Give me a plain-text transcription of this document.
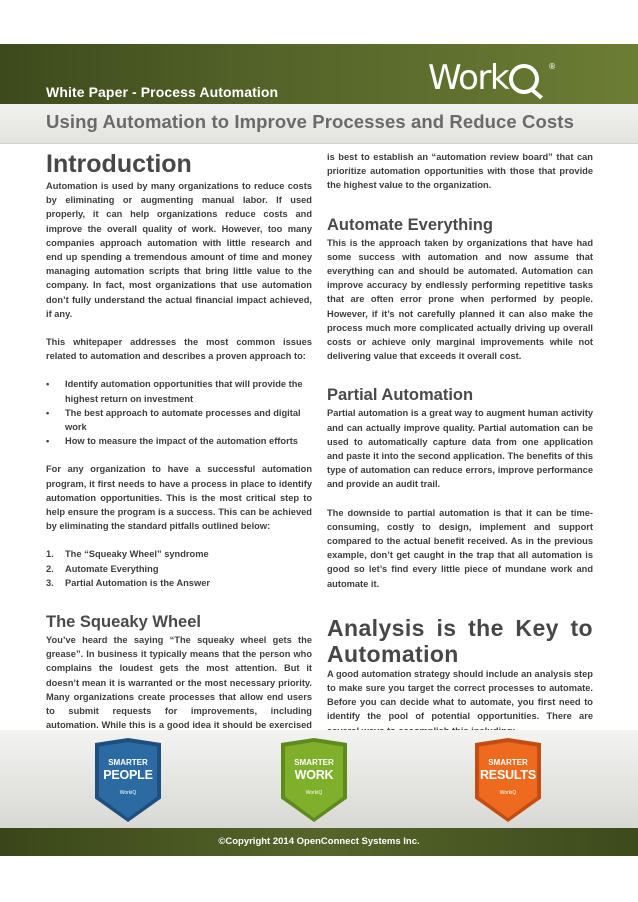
White Paper - Process Automation	Work	®
Using Automation to Improve Processes and Reduce Costs
Introduction

Automation is used by many organizations to reduce costs by eliminating or augmenting manual labor. If used properly, it can help organizations reduce costs and improve the overall quality of work. However, too many companies approach automation with little research and end up spending a tremendous amount of time and money managing automation scripts that bring little value to the company. In fact, most organizations that use automation don’t fully understand the actual financial impact achieved, if any.

This whitepaper addresses the most common issues related to automation and describes a proven approach to:

•	Identify automation opportunities that will provide the highest return on investment
•	The best approach to automate processes and digital work
•	How to measure the impact of the automation efforts

For any organization to have a successful automation program, it first needs to have a process in place to identify automation opportunities. This is the most critical step to help ensure the program is a success. This can be achieved by eliminating the standard pitfalls outlined below:

1.	The “Squeaky Wheel” syndrome
2.	Automate Everything
3.	Partial Automation is the Answer
The Squeaky Wheel

You’ve heard the saying “The squeaky wheel gets the grease”. In business it typically means that the person who complains the loudest gets the most attention. But it doesn’t mean it is warranted or the most necessary priority. Many organizations create processes that allow end users to submit requests for improvements, including automation. While this is a good idea it should be exercised

is best to establish an “automation review board” that can prioritize automation opportunities with those that provide the highest value to the organization.

Automate Everything

This is the approach taken by organizations that have had some success with automation and now assume that everything can and should be automated. Automation can improve accuracy by endlessly performing repetitive tasks that are often error prone when performed by people. However, if it’s not carefully planned it can also make the process much more complicated actually driving up overall costs or achieve only marginal improvements while not delivering value that exceeds it overall cost.

Partial Automation

Partial automation is a great way to augment human activity and can actually improve quality. Partial automation can be used to automatically capture data from one application and paste it into the second application. The benefits of this type of automation can reduce errors, improve performance and provide an audit trail.

The downside to partial automation is that it can be time-consuming, costly to design, implement and support compared to the actual benefit received. As in the previous example, don’t get caught in the trap that all automation is good so let’s find every little piece of mundane work and automate it.

Analysis is the Key to Automation

A good automation strategy should include an analysis step to make sure you target the correct processes to automate. Before you can decide what to automate, you first need to identify the pool of potential opportunities. There are

SMARTER
PEOPLE
WorkiQ
SMARTER
WORK
WorkiQ
SMARTER
RESULTS
WorkiQ
©Copyright 2014 OpenConnect Systems Inc.
